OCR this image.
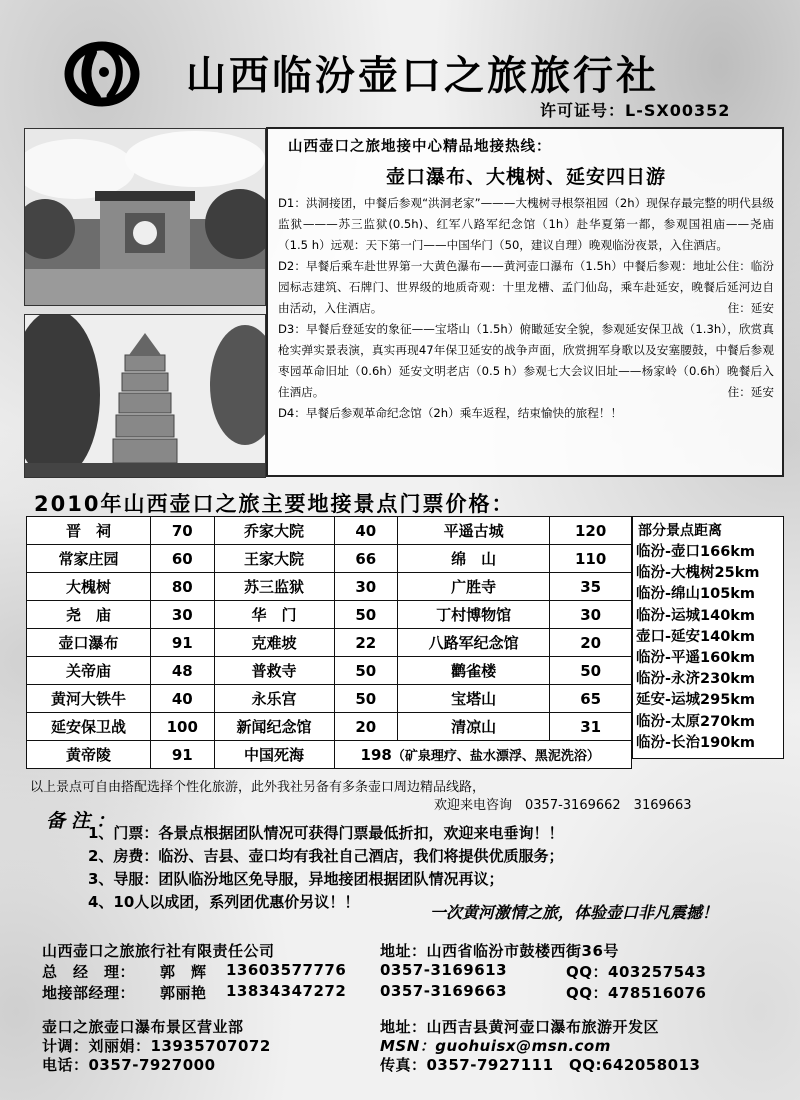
山西临汾壶口之旅旅行社
许可证号：L-SX00352
山西壶口之旅地接中心精品地接热线：
壶口瀑布、大槐树、延安四日游
D1：洪洞接团，中餐后参观“洪洞老家”———大槐树寻根祭祖园（2h）现保存最完整的明代县级监狱———苏三监狱(0.5h)、红军八路军纪念馆（1h）赴华夏第一都，参观国祖庙——尧庙（1.5 h）远观：天下第一门——中国华门（50，建议自理）晚观临汾夜景，入住酒店。
住：临汾
D2：早餐后乘车赴世界第一大黄色瀑布——黄河壶口瀑布（1.5h）中餐后参观：地址公园标志建筑、石牌门、世界级的地质奇观：十里龙槽、孟门仙岛，乘车赴延安，晚餐后延河边自由活动，入住酒店。	住：延安
D3：早餐后登延安的象征——宝塔山（1.5h）俯瞰延安全貌，参观延安保卫战（1.3h），欣赏真枪实弹实景表演，真实再现47年保卫延安的战争声面，欣赏拥军身歌以及安塞腰鼓，中餐后参观枣园革命旧址（0.6h）延安文明老店（0.5 h）参观七大会议旧址——杨家岭（0.6h）晚餐后入住酒店。	住：延安
D4：早餐后参观革命纪念馆（2h）乘车返程，结束愉快的旅程！！
2010年山西壶口之旅主要地接景点门票价格：
晋　祠	70	乔家大院	40	平遥古城	120
常家庄园	60	王家大院	66	绵　山	110
大槐树	80	苏三监狱	30	广胜寺	35
尧　庙	30	华　门	50	丁村博物馆	30
壶口瀑布	91	克难坡	22	八路军纪念馆	20
关帝庙	48	普救寺	50	鹳雀楼	50
黄河大铁牛	40	永乐宫	50	宝塔山	65
延安保卫战	100	新闻纪念馆	20	清凉山	31
黄帝陵	91	中国死海	198（矿泉理疗、盐水漂浮、黑泥洗浴）		
部分景点距离
临汾-壶口166km
临汾-大槐树25km
临汾-绵山105km
临汾-运城140km
壶口-延安140km
临汾-平遥160km
临汾-永济230km
延安-运城295km
临汾-太原270km
临汾-长治190km
以上景点可自由搭配选择个性化旅游，此外我社另备有多条壶口周边精品线路，
欢迎来电咨询　0357-3169662　3169663
备注：
1、门票：各景点根据团队情况可获得门票最低折扣，欢迎来电垂询！！
2、房费：临汾、吉县、壶口均有我社自己酒店，我们将提供优质服务；
3、导服：团队临汾地区免导服，异地接团根据团队情况再议；
4、10人以成团，系列团优惠价另议！！
一次黄河激情之旅，体验壶口非凡震撼！
山西壶口之旅旅行社有限责任公司	地址：山西省临汾市鼓楼西街36号
总　经　理： 郭　辉 13603577776 0357-3169613	QQ：403257543
地接部经理： 郭丽艳 13834347272 0357-3169663	QQ：478516076
壶口之旅壶口瀑布景区营业部	地址：山西吉县黄河壶口瀑布旅游开发区
计调：刘丽娟：13935707072	MSN：guohuisx@msn.com
电话：0357-7927000	传真：0357-7927111　QQ:642058013
